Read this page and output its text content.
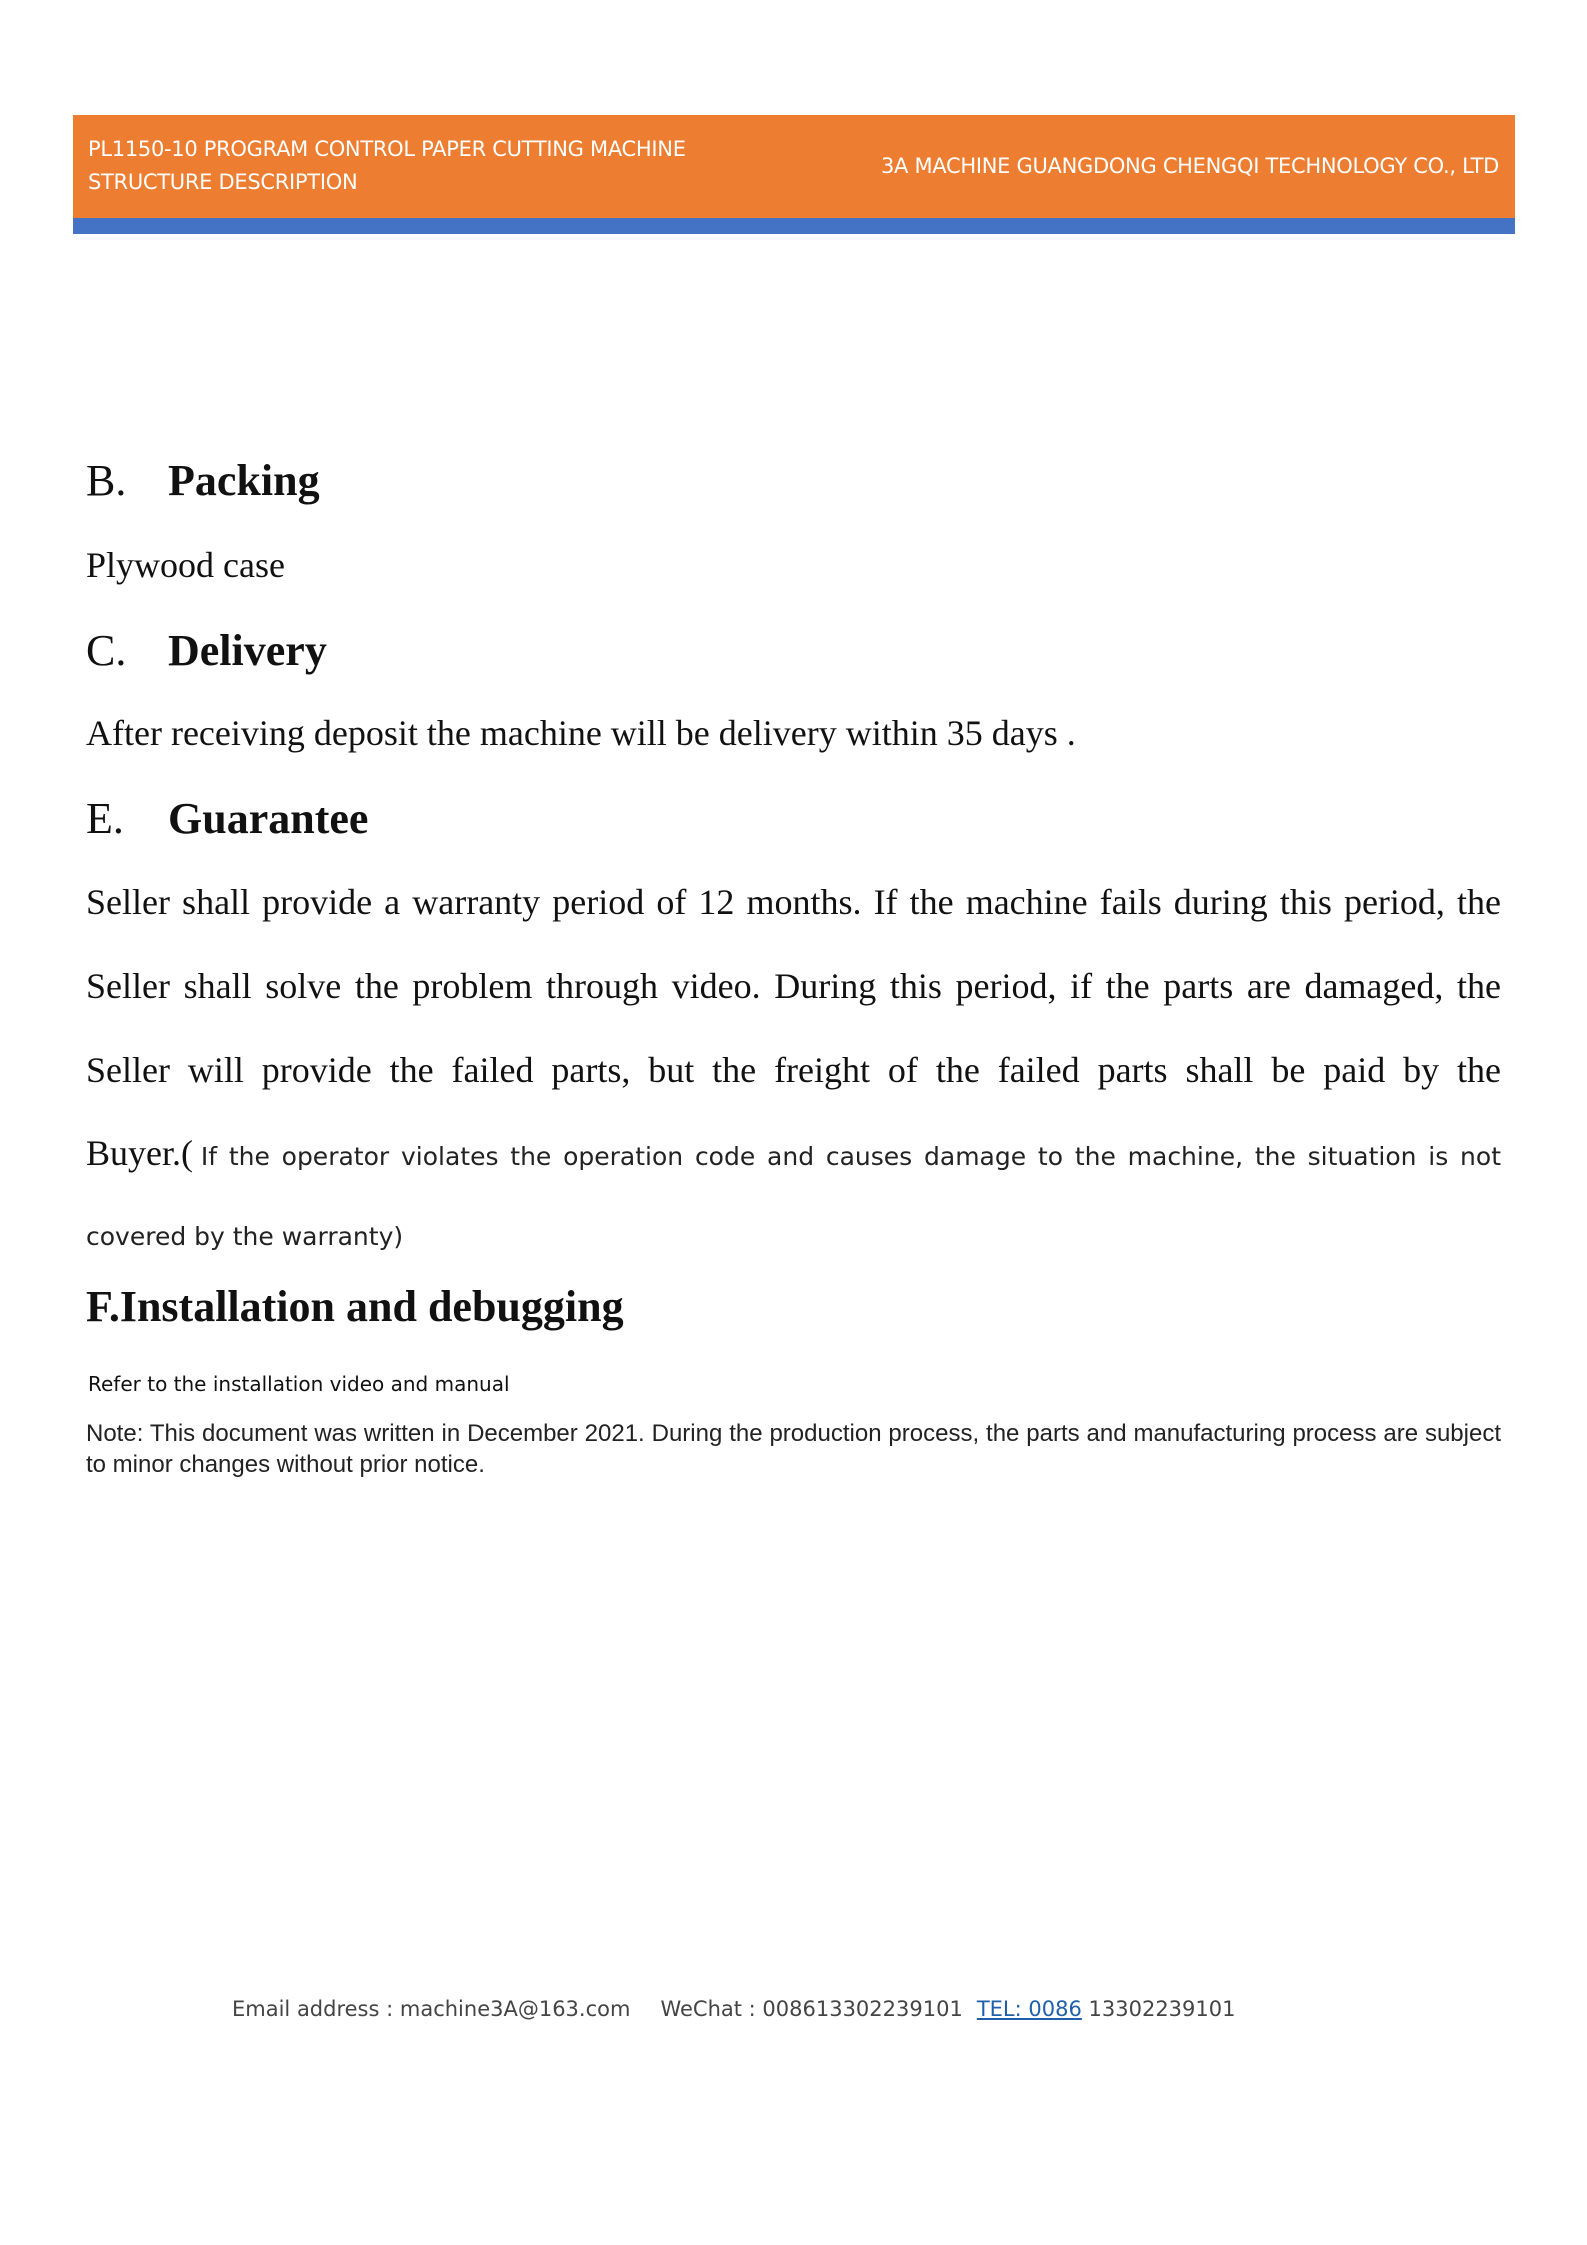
PL1150-10 PROGRAM CONTROL PAPER CUTTING MACHINE
STRUCTURE DESCRIPTION
3A MACHINE GUANGDONG CHENGQI TECHNOLOGY CO., LTD
B. Packing
Plywood case
C. Delivery
After receiving deposit the machine will be delivery within 35 days .
E. Guarantee
Seller shall provide a warranty period of 12 months. If the machine fails during this period, the
Seller shall solve the problem through video. During this period, if the parts are damaged, the
Seller will provide the failed parts, but the freight of the failed parts shall be paid by the
Buyer.( If the operator violates the operation code and causes damage to the machine, the situation is not
covered by the warranty)
F.Installation and debugging
Refer to the installation video and manual
Note: This document was written in December 2021. During the production process, the parts and manufacturing process are subject to minor changes without prior notice.
Email address : machine3A@163.com WeChat : 008613302239101 TEL: 0086 13302239101
